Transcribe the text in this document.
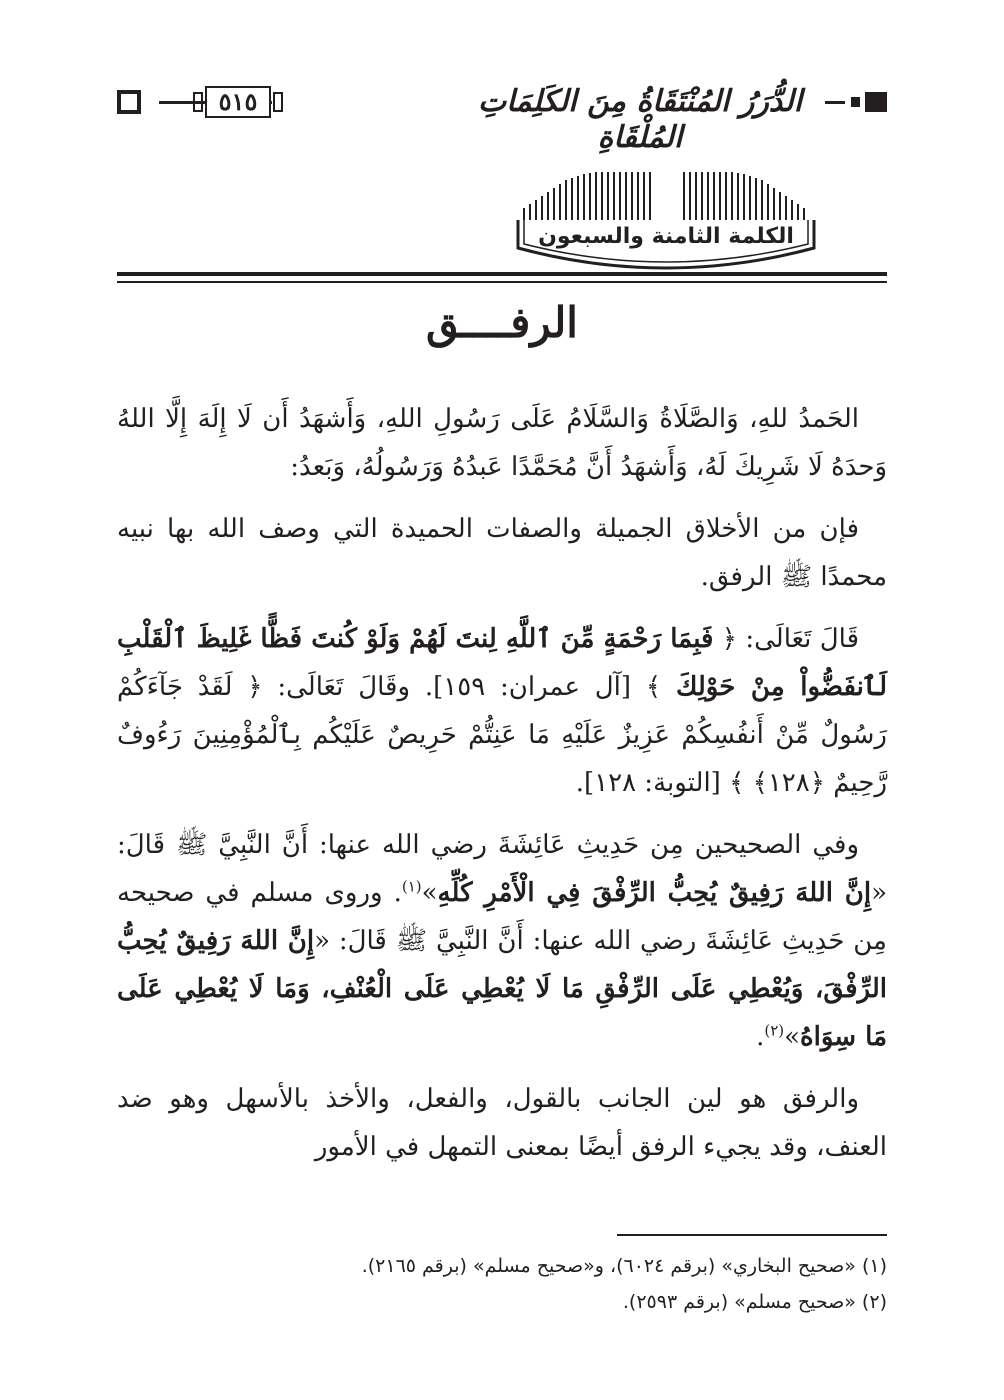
الدُّرَرُ المُنْتَقَاةُ مِنَ الكَلِمَاتِ المُلْقَاةِ
٥١٥
الكلمة الثامنة والسبعون
الرفــــق

الحَمدُ للهِ، وَالصَّلَاةُ وَالسَّلَامُ عَلَى رَسُولِ اللهِ، وَأَشهَدُ أَن لَا إِلَهَ إِلَّا اللهُ وَحدَهُ لَا شَرِيكَ لَهُ، وَأَشهَدُ أَنَّ مُحَمَّدًا عَبدُهُ وَرَسُولُهُ، وَبَعدُ:

فإن من الأخلاق الجميلة والصفات الحميدة التي وصف الله بها نبيه محمدًا ﷺ الرفق.

قَالَ تَعَالَى: ﴿ فَبِمَا رَحْمَةٍ مِّنَ ٱللَّهِ لِنتَ لَهُمْ وَلَوْ كُنتَ فَظًّا غَلِيظَ ٱلْقَلْبِ لَٱنفَضُّواْ مِنْ حَوْلِكَ ﴾ [آل عمران: ١٥٩]. وقَالَ تَعَالَى: ﴿ لَقَدْ جَآءَكُمْ رَسُولٌ مِّنْ أَنفُسِكُمْ عَزِيزٌ عَلَيْهِ مَا عَنِتُّمْ حَرِيصٌ عَلَيْكُم بِٱلْمُؤْمِنِينَ رَءُوفٌ رَّحِيمٌ ﴿١٢٨﴾ ﴾ [التوبة: ١٢٨].

وفي الصحيحين مِن حَدِيثِ عَائِشَةَ رضي الله عنها: أَنَّ النَّبِيَّ ﷺ قَالَ: «إِنَّ اللهَ رَفِيقٌ يُحِبُّ الرِّفْقَ فِي الْأَمْرِ كُلِّهِ»$^{(١)}$. وروى مسلم في صحيحه مِن حَدِيثِ عَائِشَةَ رضي الله عنها: أَنَّ النَّبِيَّ ﷺ قَالَ: «إِنَّ اللهَ رَفِيقٌ يُحِبُّ الرِّفْقَ، وَيُعْطِي عَلَى الرِّفْقِ مَا لَا يُعْطِي عَلَى الْعُنْفِ، وَمَا لَا يُعْطِي عَلَى مَا سِوَاهُ»$^{(٢)}$.

والرفق هو لين الجانب بالقول، والفعل، والأخذ بالأسهل وهو ضد العنف، وقد يجيء الرفق أيضًا بمعنى التمهل في الأمور

(١) «صحيح البخاري» (برقم ٦٠٢٤)، و«صحيح مسلم» (برقم ٢١٦٥).

(٢) «صحيح مسلم» (برقم ٢٥٩٣).
